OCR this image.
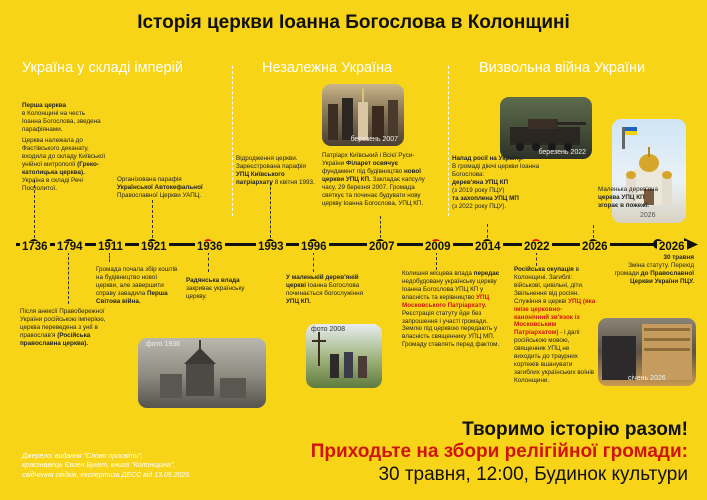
Історія церкви Іоанна Богослова в Колонщині
Україна у складі імперій	Незалежна Україна	Визвольна війна України
1736 1794 1911 1921	1936	1993 1996	2007	2009 2014 2022	2026	2026
Перша церква
в Колонщині на честь Іоанна Богослова, зведена парафіянами.
Церква належала до Фастівського деканату, входила до складу Київської унійної митрополії (Греко-католицька церква). Україна в складі Речі Посполитої.
Організована парафія Української Автокефальної Православної Церкви УАПЦ.
Відродження церкви. Зареєстрована парафія УПЦ Київського патріархату 8 квітня 1993.
березень 2007
Патріарх Київський і Всієї Руси-України Філарет освячує фундамент під будівництво нової церкви УПЦ КП. Закладає капсулу часу, 29 березня 2007. Громада святкує та починає будувати нову церкву Іоанна Богослова, УПЦ КП.
березень 2022
Напад росії на Україну.
В громаді діючі церкви Іоанна Богослова:
дерев'яна УПЦ КП
(з 2019 року ПЦУ)
та захоплена УПЦ МП
(з 2022 року ПЦУ).
2026
Маленька дерев'яна
церква УПЦ КП
згорає в пожежі.
Громада почала збір коштів на будівництво нової церкви, але завершити справу завадила Перша Світова війна.
Радянська влада закриває українську церкву.
Після анексії Правобережної України російською імперією, церква переведена з унії в православ'я (Російська православна церква).	фото 1936
У маленькій дерев'яній церкві Іоанна Богослова починається богослужіння УПЦ КП.
фото 2008
Колишня місцева влада передає недобудовану українську церкву Іоанна Богослова УПЦ КП у власність та керівництво УПЦ Московського Патріархату. Реєстрація статуту йде без запрошення і участі громади. Землю під церквою передають у власність священнику УПЦ МП. Громаду ставлять перед фактом.
Російська окупація в Колонщині. Загиблі: військові, цивільні, діти. Звільнення від росіян. Служіння в церкві УПЦ (яка імізе церковно-канонічний зв'язок із Московським Патріархатом) - і далі російською мовою, священник УПЦ не виходить до траурних кортежів вшанувати загиблих українських воїнів Колонщини.
30 травня
Зміна статуту. Перехід громади до Православної Церкви України ПЦУ.
січень 2026
Джерело: видання "Слово просвіти",
краєзнавець Євген Букет, книга "Колонщина",
свідчення свідків, експертиза ДЕСС від 13.05.2026.
Творимо історію разом!
Приходьте на збори релігійної громади:
30 травня, 12:00, Будинок культури
